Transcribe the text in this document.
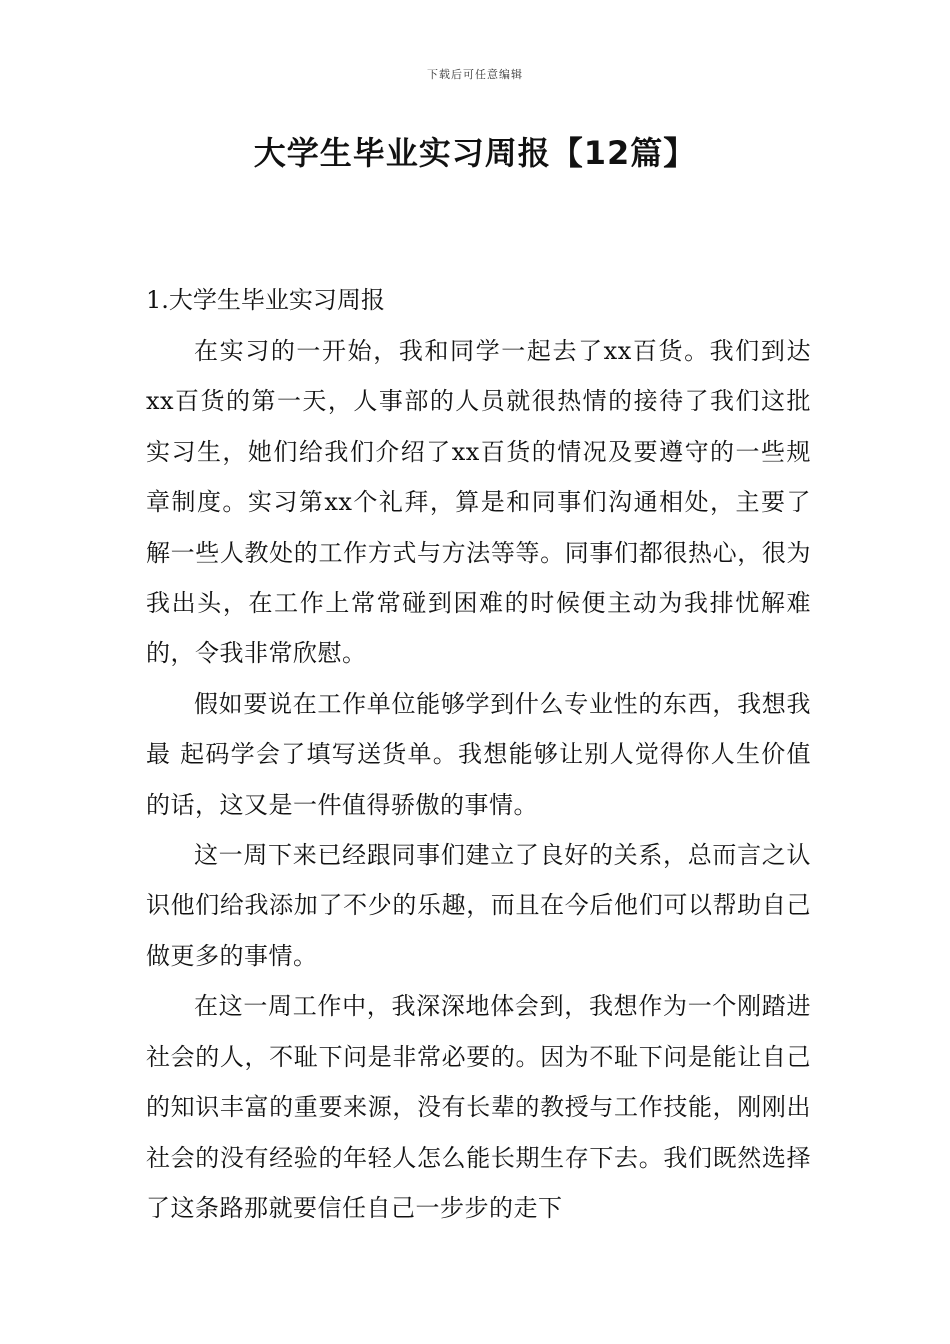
下载后可任意编辑
大学生毕业实习周报【12篇】
1.大学生毕业实习周报

在实习的一开始，我和同学一起去了xx百货。我们到达xx百货的第一天，人事部的人员就很热情的接待了我们这批实习生，她们给我们介绍了xx百货的情况及要遵守的一些规章制度。实习第xx个礼拜，算是和同事们沟通相处，主要了解一些人教处的工作方式与方法等等。同事们都很热心，很为我出头，在工作上常常碰到困难的时候便主动为我排忧解难的，令我非常欣慰。

假如要说在工作单位能够学到什么专业性的东西，我想我最 起码学会了填写送货单。我想能够让别人觉得你人生价值的话，这又是一件值得骄傲的事情。

这一周下来已经跟同事们建立了良好的关系，总而言之认识他们给我添加了不少的乐趣，而且在今后他们可以帮助自己做更多的事情。

在这一周工作中，我深深地体会到，我想作为一个刚踏进社会的人，不耻下问是非常必要的。因为不耻下问是能让自己的知识丰富的重要来源，没有长辈的教授与工作技能，刚刚出社会的没有经验的年轻人怎么能长期生存下去。我们既然选择了这条路那就要信任自己一步步的走下
